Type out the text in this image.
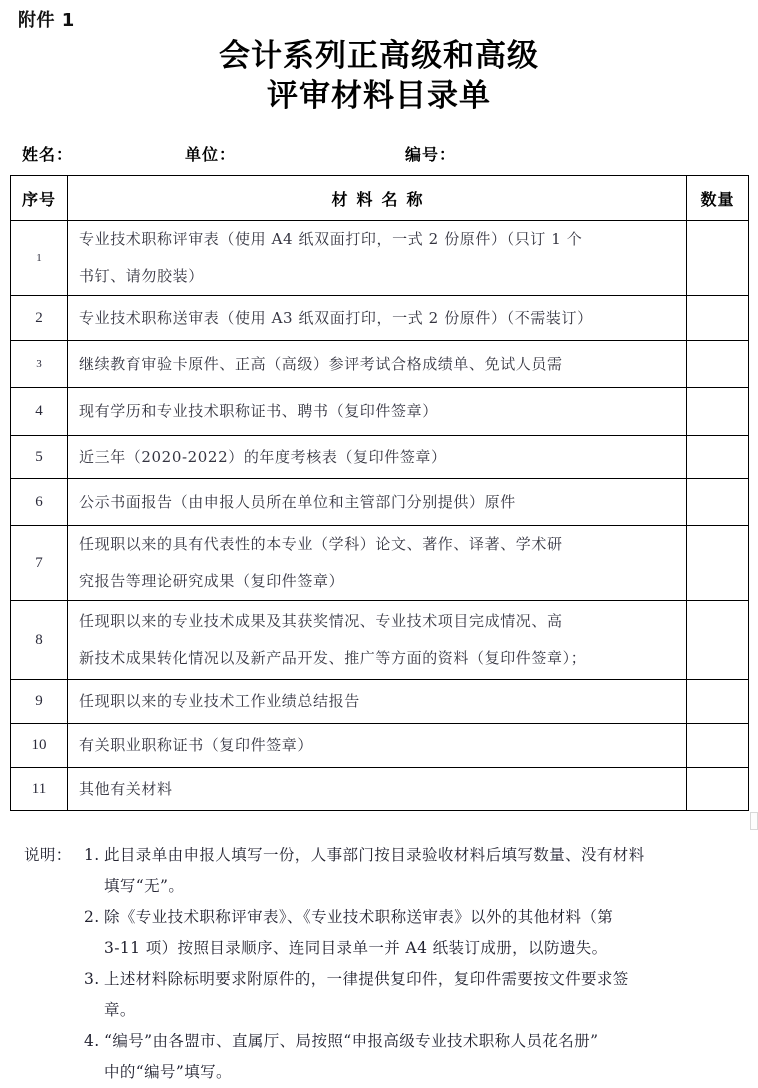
附件 1
会计系列正高级和高级
评审材料目录单
姓名：	单位：	编号：
序号	材料名称	数量
1	专业技术职称评审表（使用 A4 纸双面打印，一式 2 份原件）（只订 1 个
书钉、请勿胶装）	

2	专业技术职称送审表（使用 A3 纸双面打印，一式 2 份原件）（不需装订）	

3	继续教育审验卡原件、正高（高级）参评考试合格成绩单、免试人员需	

4	现有学历和专业技术职称证书、聘书（复印件签章）	

5	近三年（2020-2022）的年度考核表（复印件签章）	

6	公示书面报告（由申报人员所在单位和主管部门分别提供）原件	

7	任现职以来的具有代表性的本专业（学科）论文、著作、译著、学术研
究报告等理论研究成果（复印件签章）	

8	任现职以来的专业技术成果及其获奖情况、专业技术项目完成情况、高
新技术成果转化情况以及新产品开发、推广等方面的资料（复印件签章）；	

9	任现职以来的专业技术工作业绩总结报告	

10	有关职业职称证书（复印件签章）	

11	其他有关材料	

说明： 1. 此目录单由申报人填写一份，人事部门按目录验收材料后填写数量、没有材料
填写“无”。
2. 除《专业技术职称评审表》、《专业技术职称送审表》以外的其他材料（第
3-11 项）按照目录顺序、连同目录单一并 A4 纸装订成册，以防遗失。
3. 上述材料除标明要求附原件的，一律提供复印件，复印件需要按文件要求签
章。
4. “编号”由各盟市、直属厅、局按照“申报高级专业技术职称人员花名册”
中的“编号”填写。
